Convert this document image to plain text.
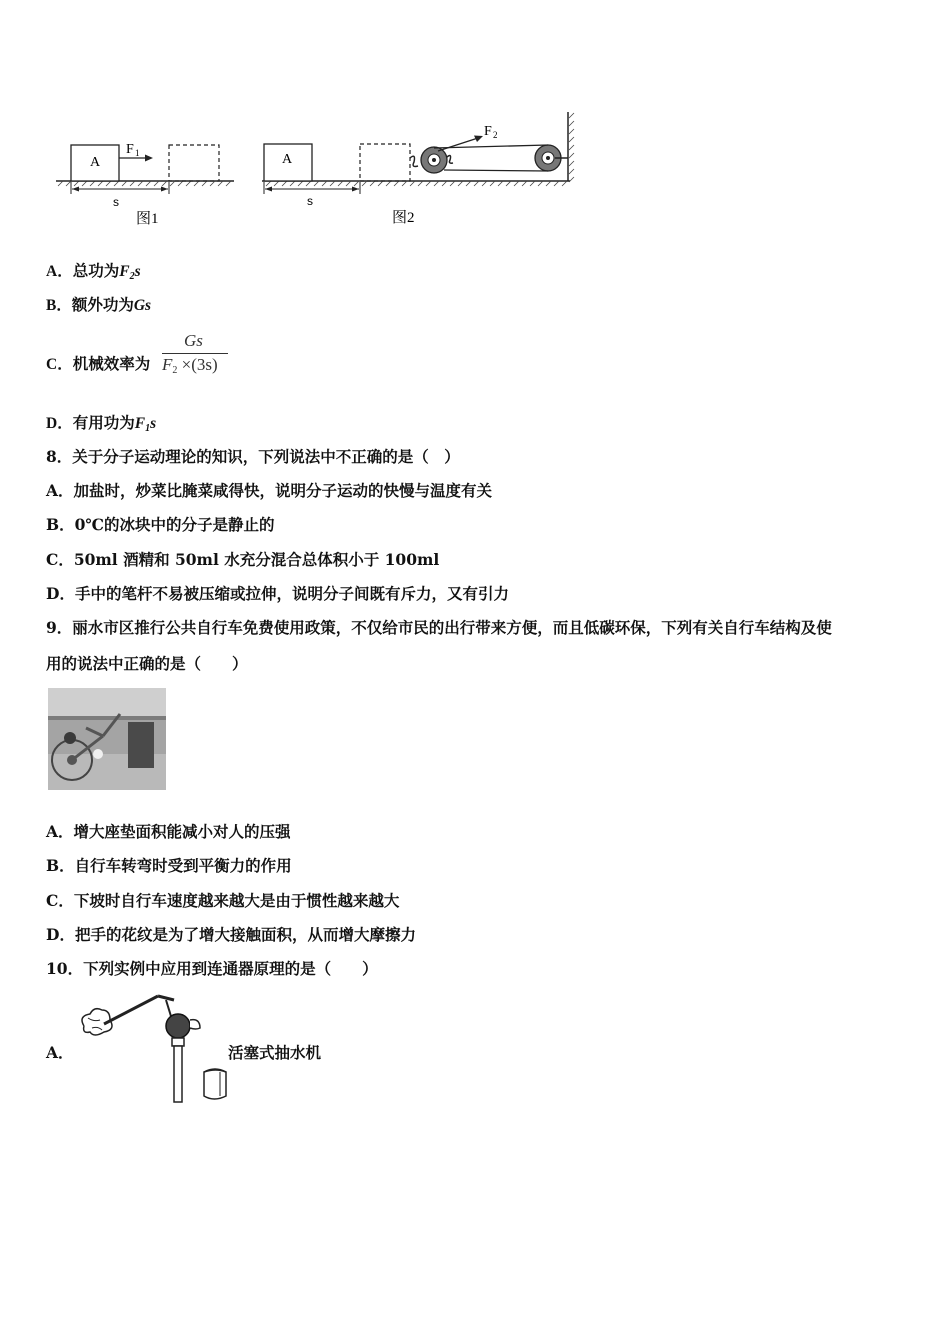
A
F 1
s
图1
A
F 2
s
图2
A．总功为$F_2s$
B．额外功为Gs
C．机械效率为
Gs
$F_2 \times(3s)$
D．有用功为$F_1s$
8．关于分子运动理论的知识，下列说法中不正确的是（　）
A．加盐时，炒菜比腌菜咸得快，说明分子运动的快慢与温度有关
B．0℃的冰块中的分子是静止的
C．50ml 酒精和 50ml 水充分混合总体积小于 100ml
D．手中的笔杆不易被压缩或拉伸，说明分子间既有斥力，又有引力
9．丽水市区推行公共自行车免费使用政策，不仅给市民的出行带来方便，而且低碳环保，下列有关自行车结构及使
用的说法中正确的是（　　）
A．增大座垫面积能减小对人的压强
B．自行车转弯时受到平衡力的作用
C．下坡时自行车速度越来越大是由于惯性越来越大
D．把手的花纹是为了增大接触面积，从而增大摩擦力
10．下列实例中应用到连通器原理的是（　　）
A．	活塞式抽水机
